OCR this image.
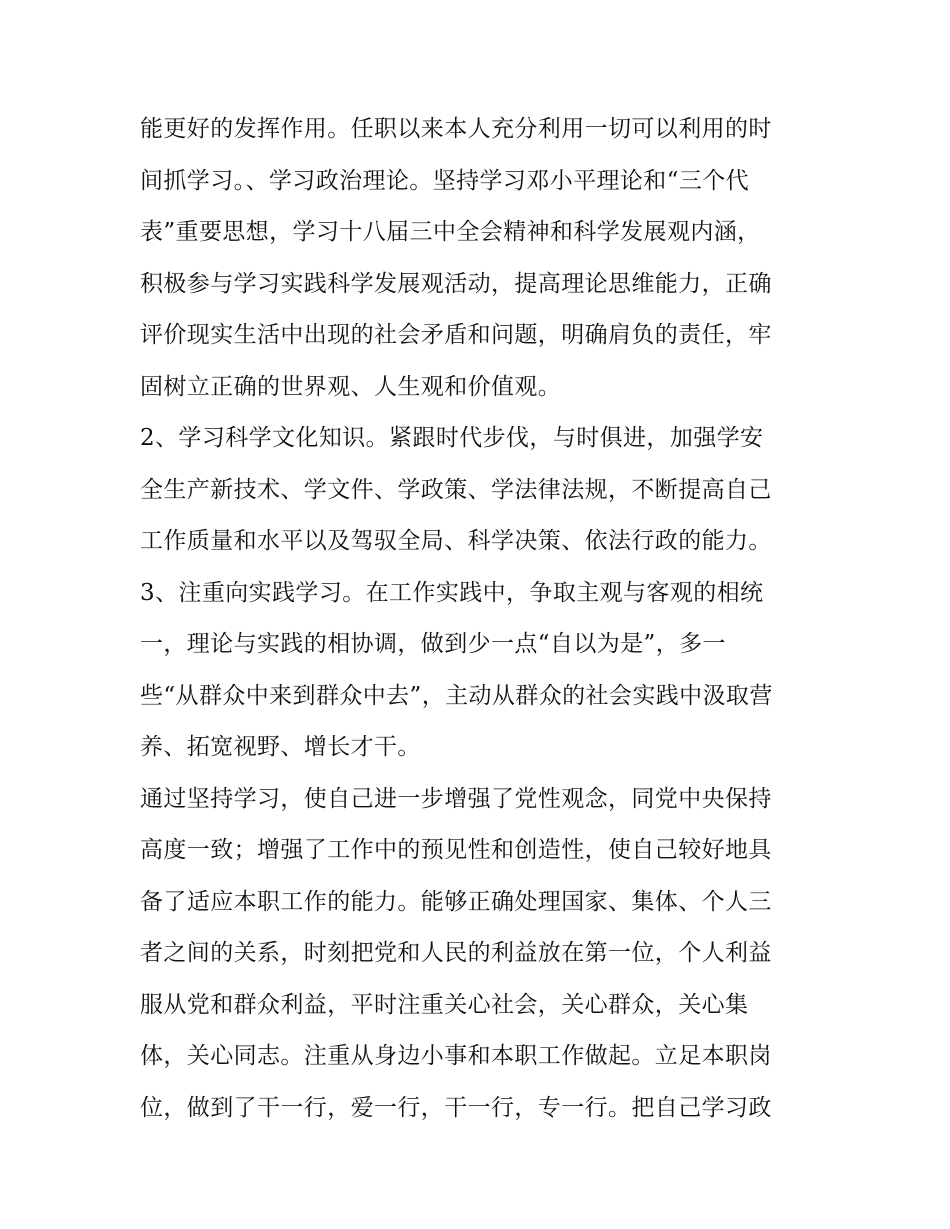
能更好的发挥作用。任职以来本人充分利用一切可以利用的时
间抓学习。、学习政治理论。坚持学习邓小平理论和“三个代
表”重要思想，学习十八届三中全会精神和科学发展观内涵，
积极参与学习实践科学发展观活动，提高理论思维能力，正确
评价现实生活中出现的社会矛盾和问题，明确肩负的责任，牢
固树立正确的世界观、人生观和价值观。
2、学习科学文化知识。紧跟时代步伐，与时俱进，加强学安
全生产新技术、学文件、学政策、学法律法规，不断提高自己
工作质量和水平以及驾驭全局、科学决策、依法行政的能力。
3、注重向实践学习。在工作实践中，争取主观与客观的相统
一，理论与实践的相协调，做到少一点“自以为是”，多一
些“从群众中来到群众中去”，主动从群众的社会实践中汲取营
养、拓宽视野、增长才干。
通过坚持学习，使自己进一步增强了党性观念，同党中央保持
高度一致；增强了工作中的预见性和创造性，使自己较好地具
备了适应本职工作的能力。能够正确处理国家、集体、个人三
者之间的关系，时刻把党和人民的利益放在第一位，个人利益
服从党和群众利益，平时注重关心社会，关心群众，关心集
体，关心同志。注重从身边小事和本职工作做起。立足本职岗
位，做到了干一行，爱一行，干一行，专一行。把自己学习政
